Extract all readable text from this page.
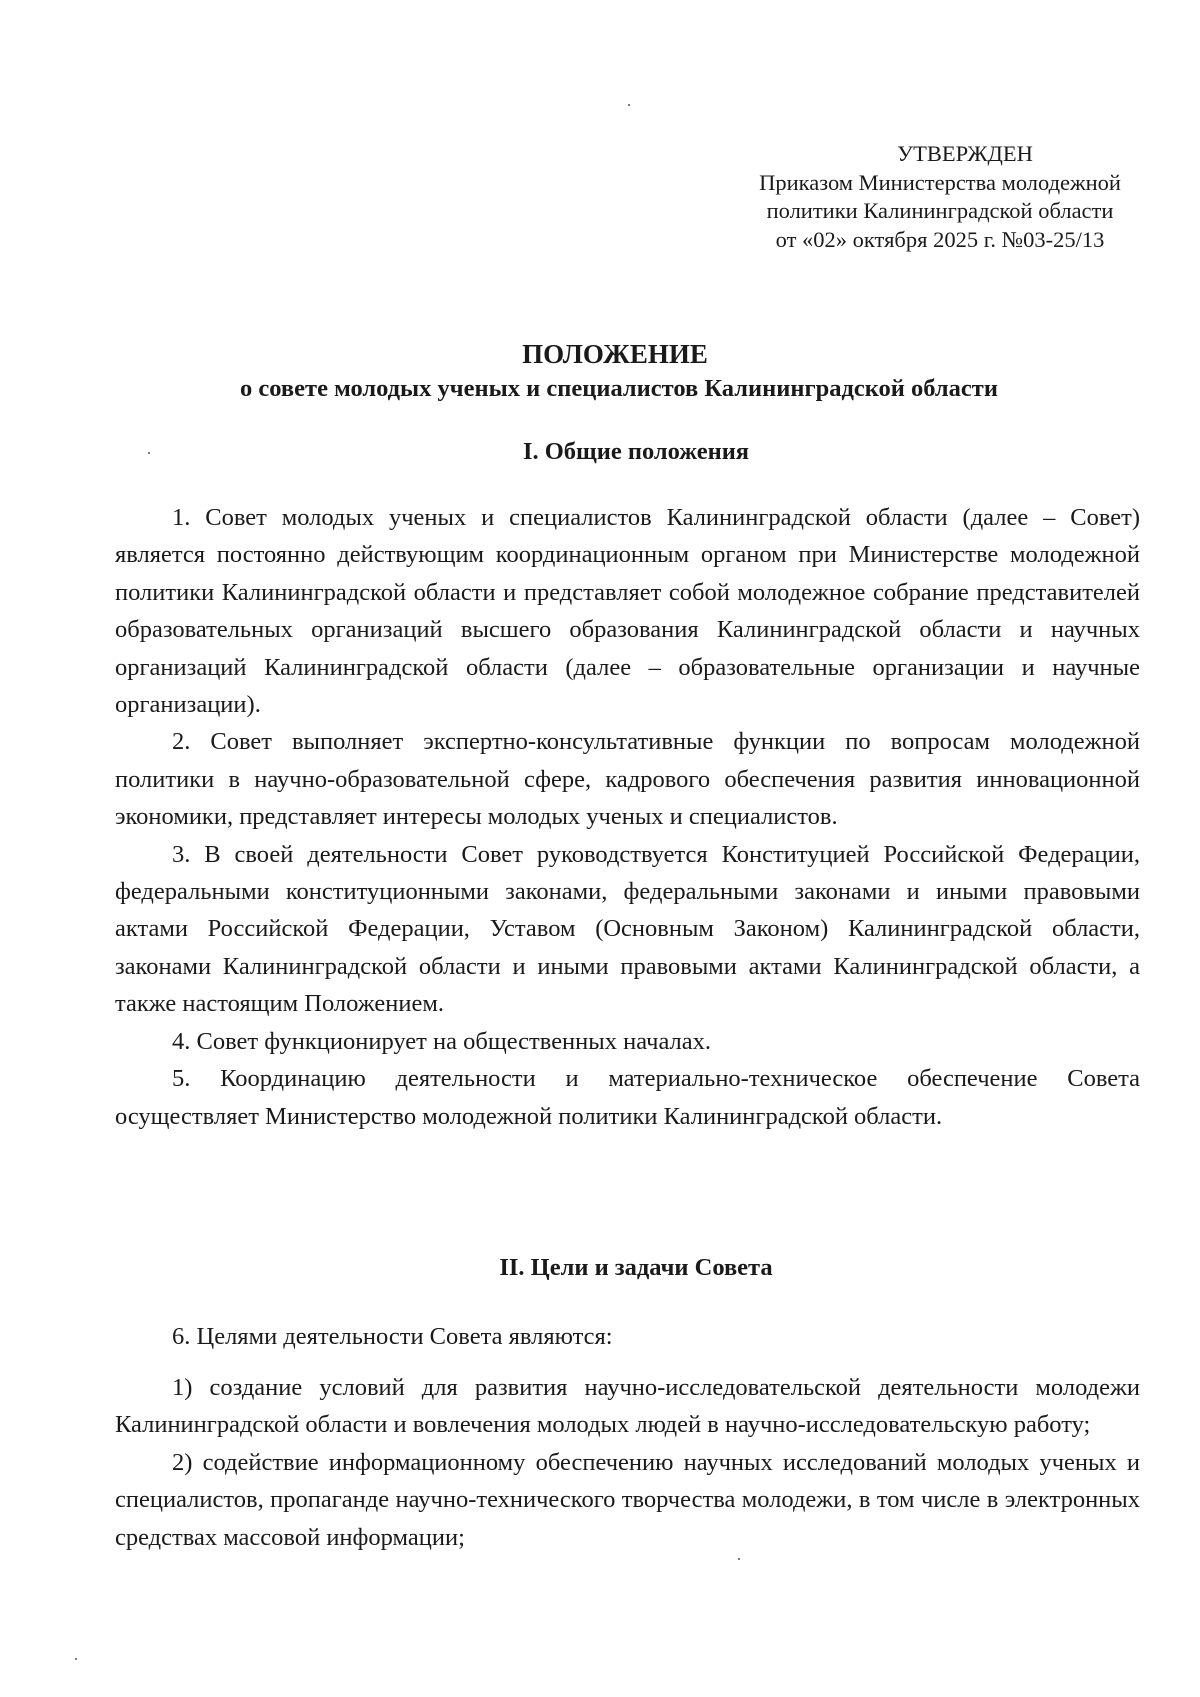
УТВЕРЖДЕН
Приказом Министерства молодежной
политики Калининградской области
от «02» октября 2025 г. №03-25/13
ПОЛОЖЕНИЕ
о совете молодых ученых и специалистов Калининградской области
I. Общие положения

1. Совет молодых ученых и специалистов Калининградской области (далее – Совет) является постоянно действующим координационным органом при Министерстве молодежной политики Калининградской области и представляет собой молодежное собрание представителей образовательных организаций высшего образования Калининградской области и научных организаций Калининградской области (далее – образовательные организации и научные организации).

2. Совет выполняет экспертно-консультативные функции по вопросам молодежной политики в научно-образовательной сфере, кадрового обеспечения развития инновационной экономики, представляет интересы молодых ученых и специалистов.

3. В своей деятельности Совет руководствуется Конституцией Российской Федерации, федеральными конституционными законами, федеральными законами и иными правовыми актами Российской Федерации, Уставом (Основным Законом) Калининградской области, законами Калининградской области и иными правовыми актами Калининградской области, а также настоящим Положением.

4. Совет функционирует на общественных началах.

5. Координацию деятельности и материально-техническое обеспечение Совета осуществляет Министерство молодежной политики Калининградской области.

II. Цели и задачи Совета

6. Целями деятельности Совета являются:

1) создание условий для развития научно-исследовательской деятельности молодежи Калининградской области и вовлечения молодых людей в научно-исследовательскую работу;

2) содействие информационному обеспечению научных исследований молодых ученых и специалистов, пропаганде научно-технического творчества молодежи, в том числе в электронных средствах массовой информации;
